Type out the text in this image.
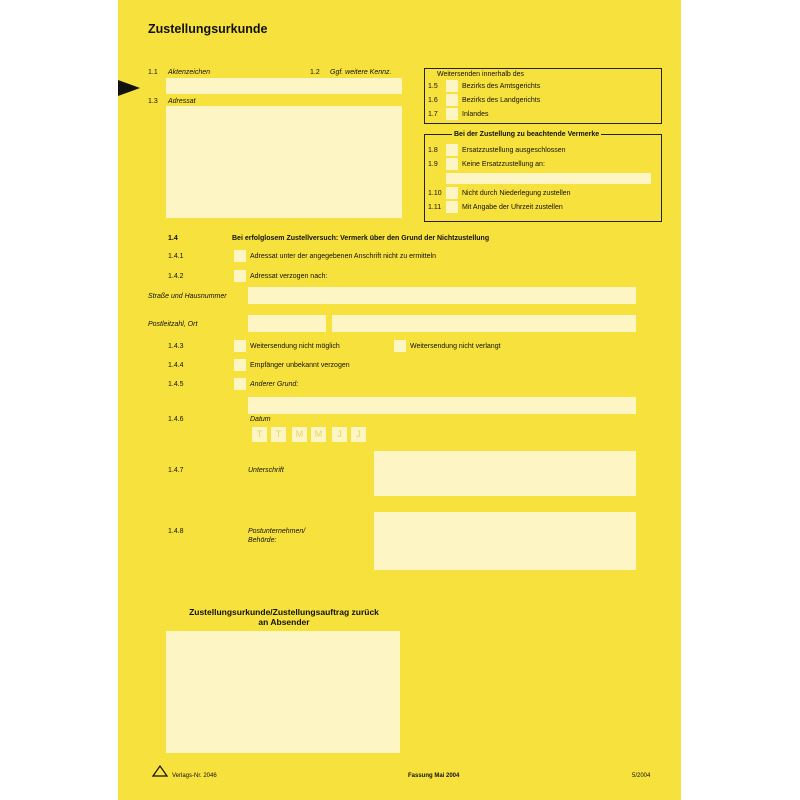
Zustellungsurkunde
1.1 Aktenzeichen	1.2 Ggf. weitere Kennz.
1.3 Adressat
Weitersenden innerhalb des
1.5	Bezirks des Amtsgerichts
1.6	Bezirks des Landgerichts
1.7	Inlandes
Bei der Zustellung zu beachtende Vermerke
1.8	Ersatzzustellung ausgeschlossen
1.9	Keine Ersatzzustellung an:
1.10	Nicht durch Niederlegung zustellen
1.11	Mit Angabe der Uhrzeit zustellen
1.4	Bei erfolglosem Zustellversuch: Vermerk über den Grund der Nichtzustellung
1.4.1	Adressat unter der angegebenen Anschrift nicht zu ermitteln
1.4.2	Adressat verzogen nach:
Straße und Hausnummer
Postleitzahl, Ort
1.4.3	Weitersendung nicht möglich	Weitersendung nicht verlangt
1.4.4	Empfänger unbekannt verzogen
1.4.5	Anderer Grund:
1.4.6	Datum
T	T	M	M	J	J
1.4.7	Unterschrift
1.4.8	Postunternehmen/
Behörde:
Zustellungsurkunde/Zustellungsauftrag zurück an Absender
Verlags-Nr. 2046	Fassung Mai 2004	5/2004
